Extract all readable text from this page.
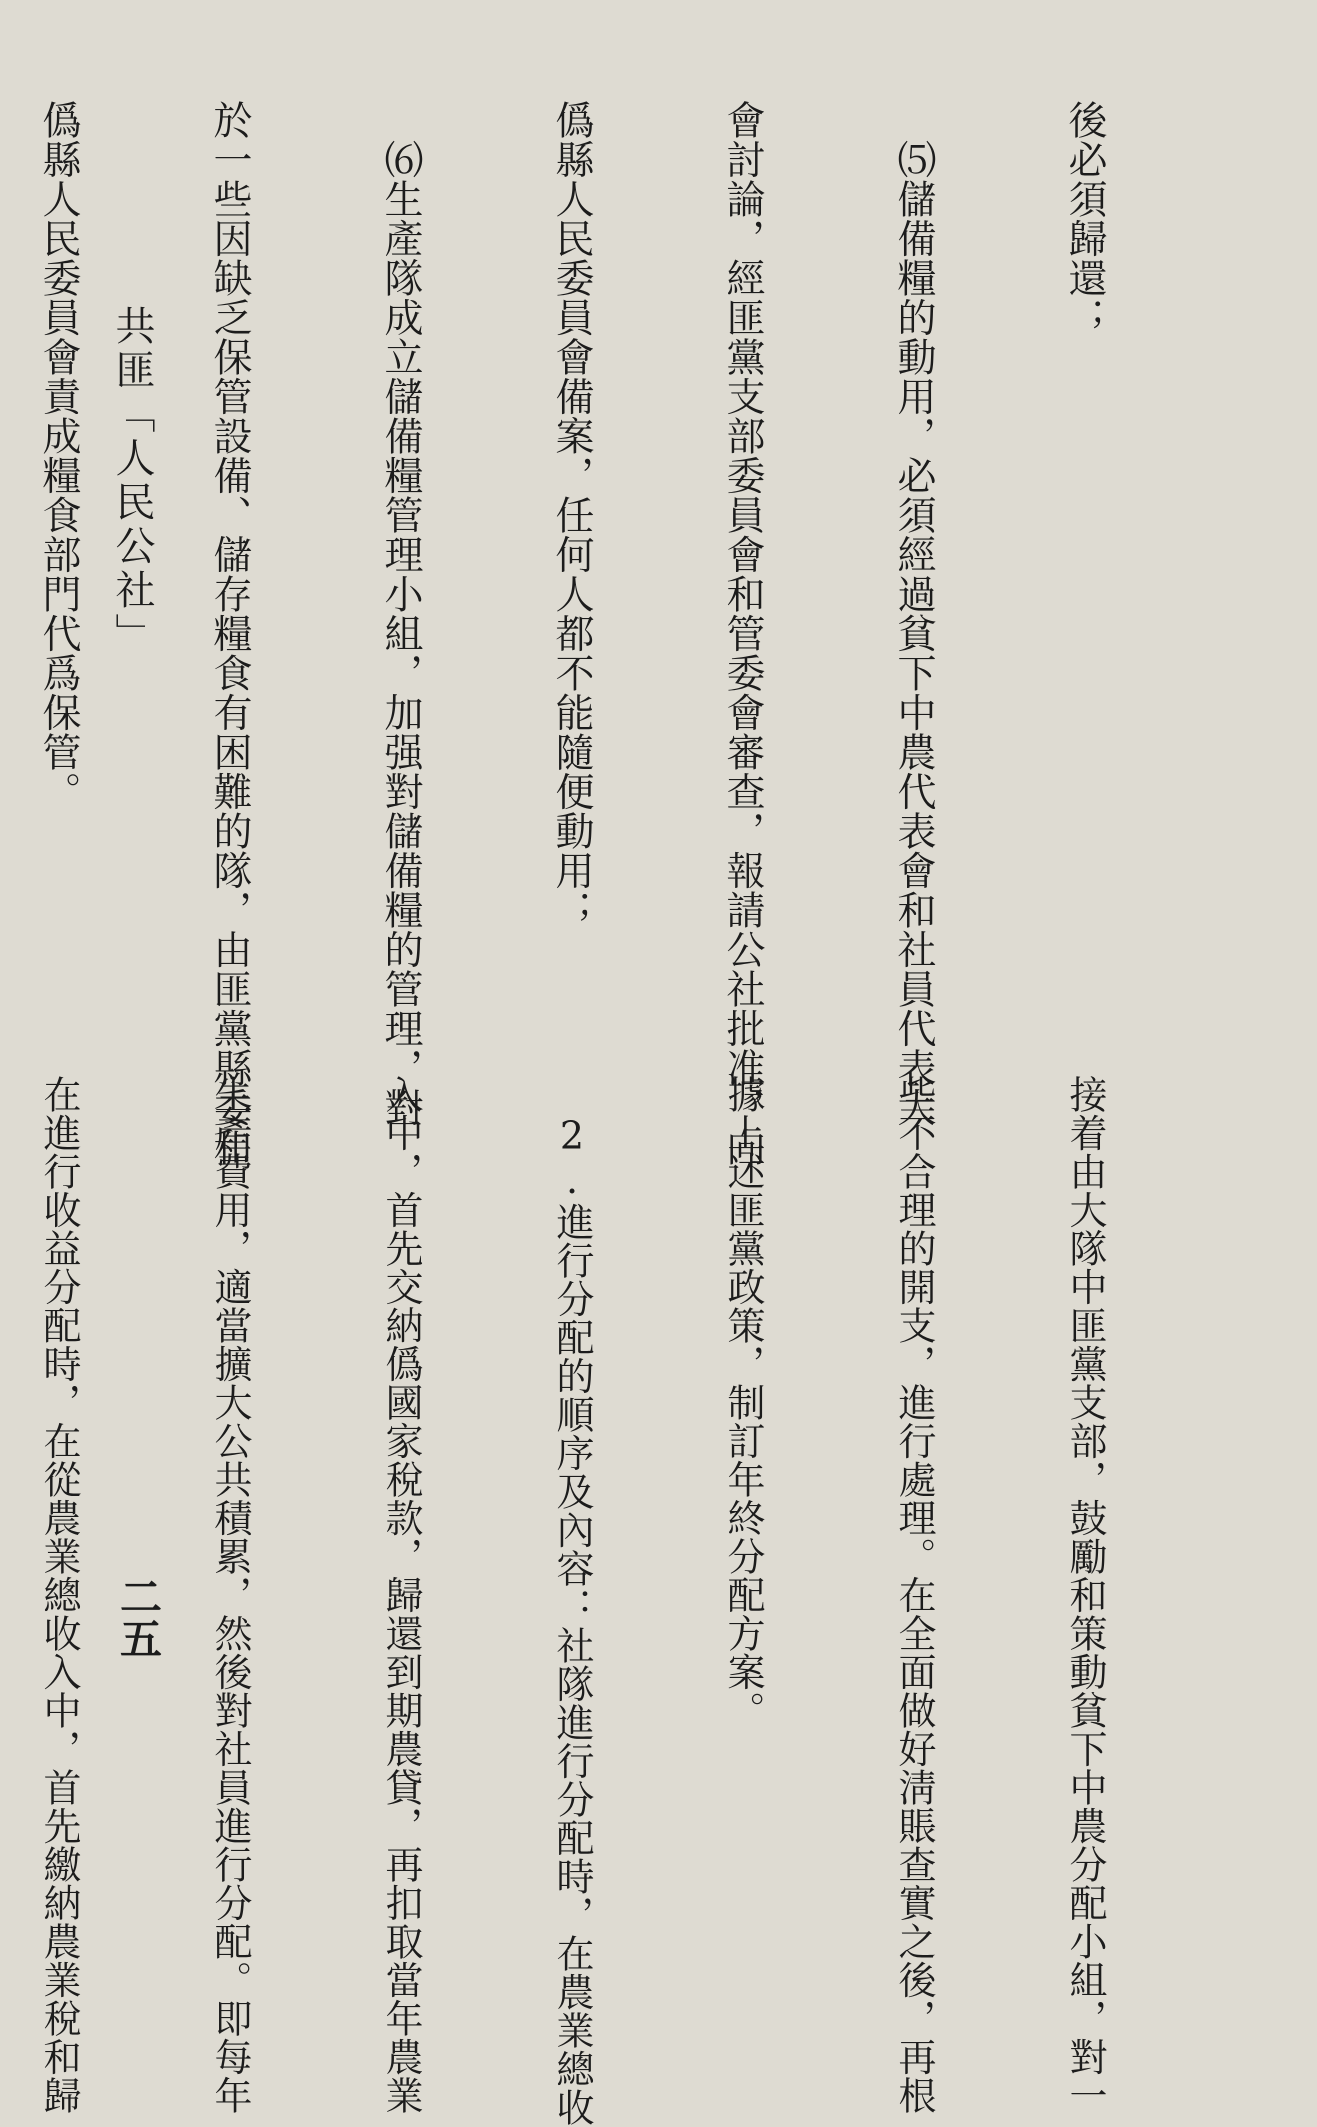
後必須歸還；

　⑸儲備糧的動用，必須經過貧下中農代表會和社員代表大

會討論，經匪黨支部委員會和管委會審查，報請公社批准，向

僞縣人民委員會備案，任何人都不能隨便動用；

　⑹生產隊成立儲備糧管理小組，加强對儲備糧的管理，對

於一些因缺乏保管設備、儲存糧食有困難的隊，由匪黨縣委和

僞縣人民委員會責成糧食部門代爲保管。

接着由大隊中匪黨支部，鼓勵和策動貧下中農分配小組，對一

些不合理的開支，進行處理。在全面做好淸賬查實之後，再根

據上述匪黨政策，制訂年終分配方案。

　2.進行分配的順序及內容：社隊進行分配時，在農業總收

入中，首先交納僞國家稅款，歸還到期農貸，再扣取當年農業

生產費用，適當擴大公共積累，然後對社員進行分配。即每年

在進行收益分配時，在從農業總收入中，首先繳納農業稅和歸

共匪「人民公社」
二五
